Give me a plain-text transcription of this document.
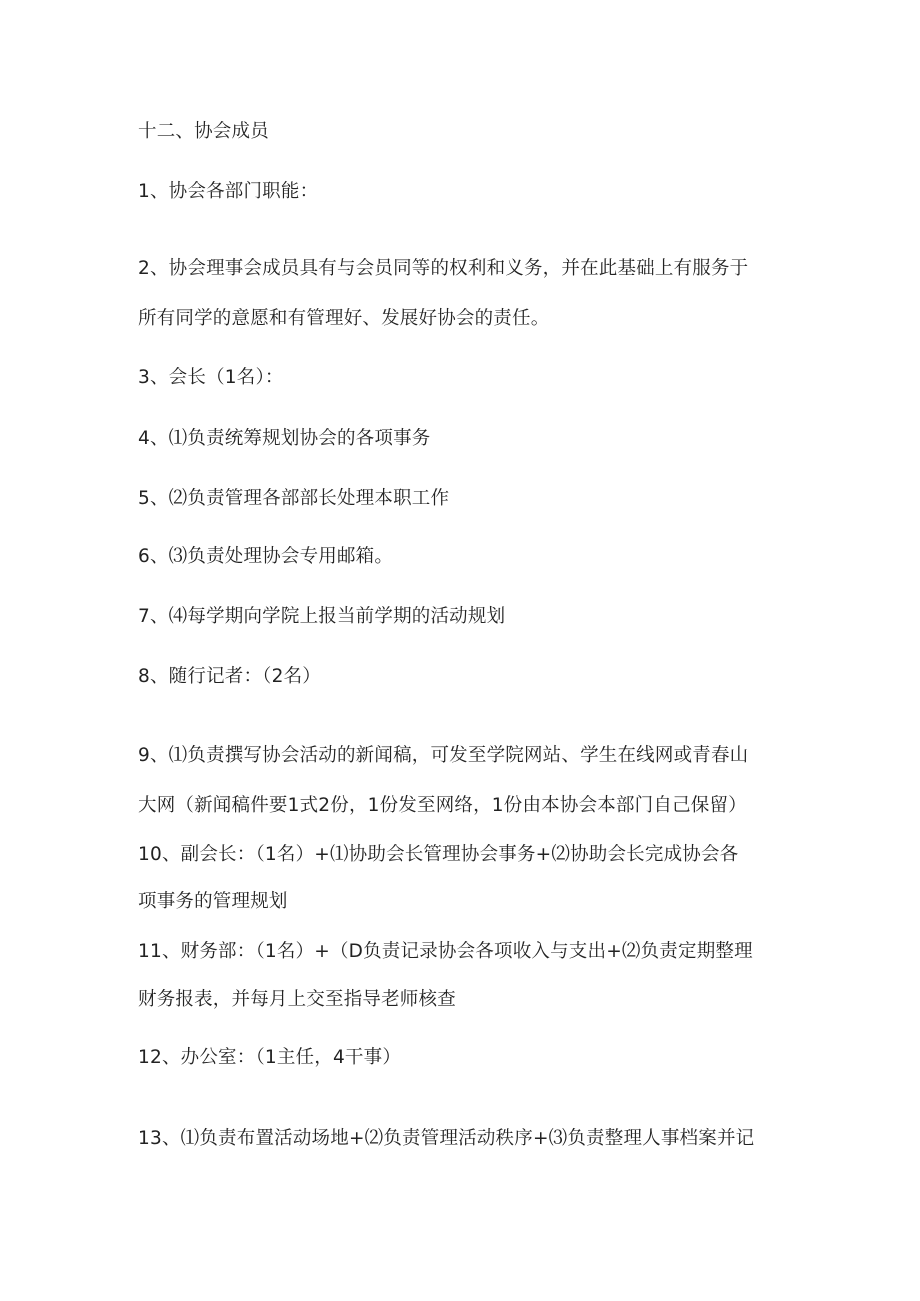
十二、协会成员
1、协会各部门职能：
2、协会理事会成员具有与会员同等的权利和义务，并在此基础上有服务于
所有同学的意愿和有管理好、发展好协会的责任。
3、会长（1名）：
4、⑴负责统筹规划协会的各项事务
5、⑵负责管理各部部长处理本职工作
6、⑶负责处理协会专用邮箱。
7、⑷每学期向学院上报当前学期的活动规划
8、随行记者：（2名）
9、⑴负责撰写协会活动的新闻稿，可发至学院网站、学生在线网或青春山
大网（新闻稿件要1式2份，1份发至网络，1份由本协会本部门自己保留）
10、副会长：（1名）+⑴协助会长管理协会事务+⑵协助会长完成协会各
项事务的管理规划
11、财务部：（1名）+（D负责记录协会各项收入与支出+⑵负责定期整理
财务报表，并每月上交至指导老师核查
12、办公室：（1主任，4干事）
13、⑴负责布置活动场地+⑵负责管理活动秩序+⑶负责整理人事档案并记
